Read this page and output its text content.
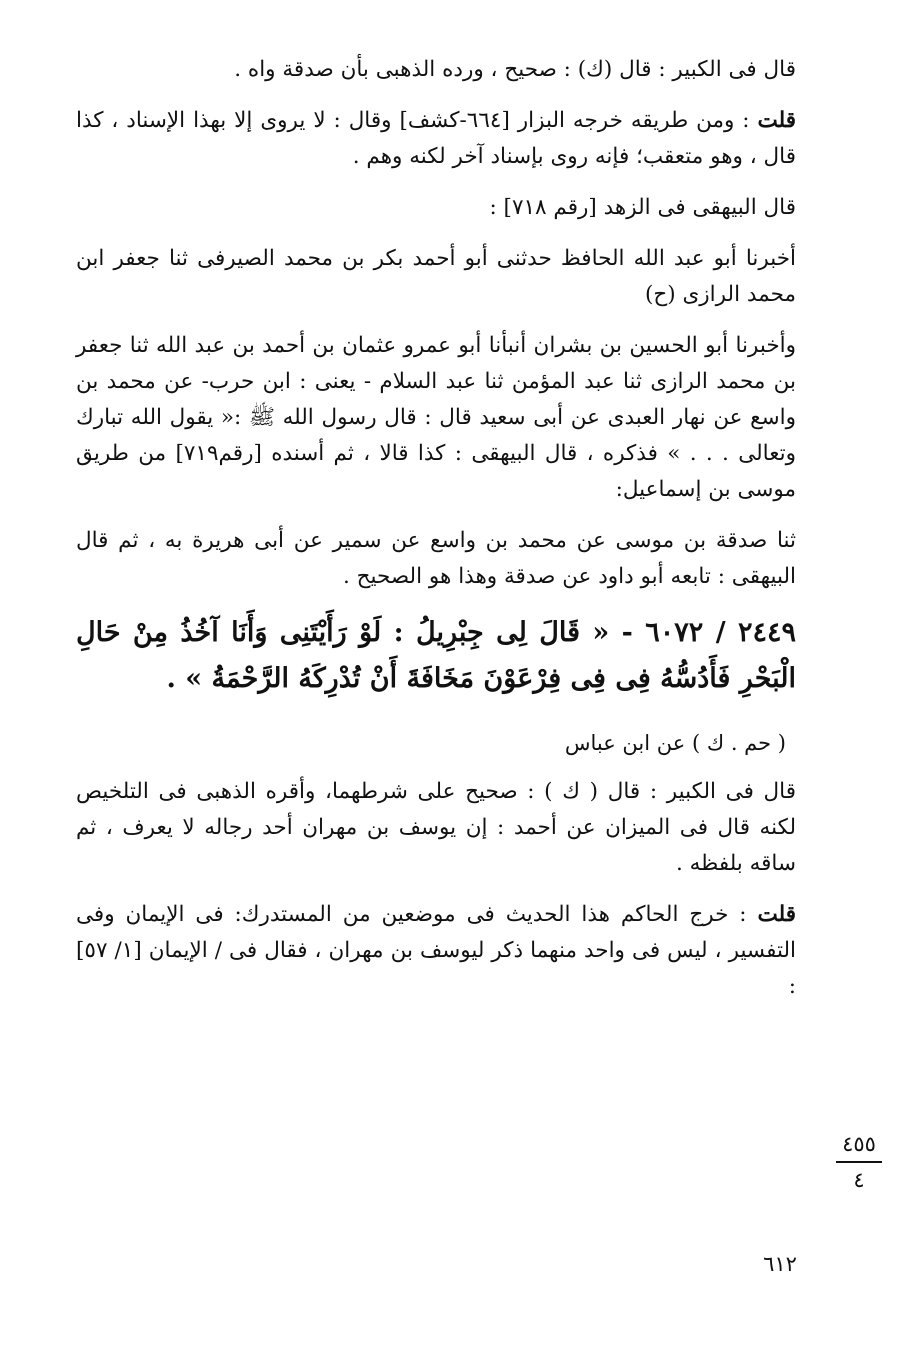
قال فى الكبير : قال (ك) : صحيح ، ورده الذهبى بأن صدقة واه .

قلت : ومن طريقه خرجه البزار [٦٦٤-كشف] وقال : لا يروى إلا بهذا الإسناد ، كذا قال ، وهو متعقب؛ فإنه روى بإسناد آخر لكنه وهم .

قال البيهقى فى الزهد [رقم ٧١٨] :

أخبرنا أبو عبد الله الحافظ حدثنى أبو أحمد بكر بن محمد الصيرفى ثنا جعفر ابن محمد الرازى (ح)

وأخبرنا أبو الحسين بن بشران أنبأنا أبو عمرو عثمان بن أحمد بن عبد الله ثنا جعفر بن محمد الرازى ثنا عبد المؤمن ثنا عبد السلام - يعنى : ابن حرب- عن محمد بن واسع عن نهار العبدى عن أبى سعيد قال : قال رسول الله ﷺ :« يقول الله تبارك وتعالى . . . » فذكره ، قال البيهقى : كذا قالا ، ثم أسنده [رقم٧١٩] من طريق موسى بن إسماعيل:

ثنا صدقة بن موسى عن محمد بن واسع عن سمير عن أبى هريرة به ، ثم قال البيهقى : تابعه أبو داود عن صدقة وهذا هو الصحيح .

٢٤٤٩ / ٦٠٧٢ - « قَالَ لِى جِبْرِيلُ : لَوْ رَأَيْتَنِى وَأَنَا آخُذُ مِنْ حَالِ الْبَحْرِ فَأَدُسُّهُ فِى فِى فِرْعَوْنَ مَخَافَةَ أَنْ تُدْرِكَهُ الرَّحْمَةُ » .

( حم . ك ) عن ابن عباس

قال فى الكبير : قال ( ك ) : صحيح على شرطهما، وأقره الذهبى فى التلخيص لكنه قال فى الميزان عن أحمد : إن يوسف بن مهران أحد رجاله لا يعرف ، ثم ساقه بلفظه .

قلت : خرج الحاكم هذا الحديث فى موضعين من المستدرك: فى الإيمان وفى التفسير ، ليس فى واحد منهما ذكر ليوسف بن مهران ، فقال فى / الإيمان [١/ ٥٧] :

٤٥٥
٤
٦١٢
